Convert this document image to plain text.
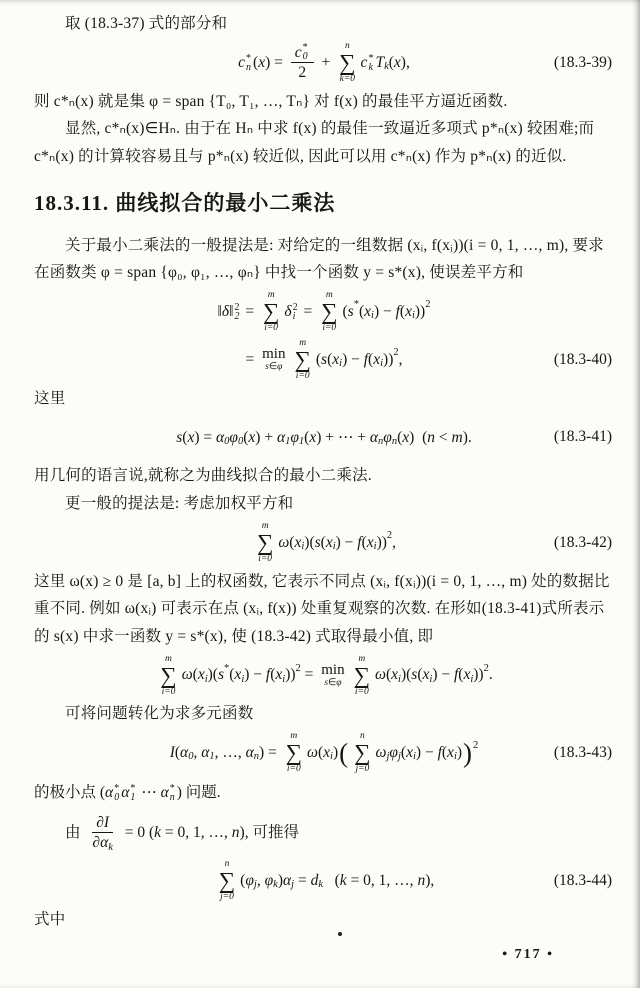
取 (18.3-37) 式的部分和

c *
n ( x ) = c *
0
2 +
n
∑
k=0
c *
k T k ( x ),	(18.3-39)

则 c*ₙ(x) 就是集 φ = span {T₀, T₁, …, Tₙ} 对 f(x) 的最佳平方逼近函数.

显然, c*ₙ(x)∈Hₙ. 由于在 Hₙ 中求 f(x) 的最佳一致逼近多项式 p*ₙ(x) 较困难;而 c*ₙ(x) 的计算较容易且与 p*ₙ(x) 较近似, 因此可以用 c*ₙ(x) 作为 p*ₙ(x) 的近似.

18.3.11. 曲线拟合的最小二乘法

关于最小二乘法的一般提法是: 对给定的一组数据 (xᵢ, f(xᵢ))(i = 0, 1, …, m), 要求在函数类 φ = span {φ₀, φ₁, …, φₙ} 中找一个函数 y = s*(x), 使误差平方和

‖ δ ‖ 2
2 =
m
∑
i=0
δ 2
i =
m
∑
i=0
( s * ( x i ) − f ( x i )) 2
= min
s∈φ
m
∑
i=0
( s ( x i ) − f ( x i )) 2 ,	(18.3-40)

这里

s ( x ) = α 0 φ 0 ( x ) + α 1 φ 1 ( x ) + ⋯ + α n φ n ( x )  ( n < m ).	(18.3-41)

用几何的语言说,就称之为曲线拟合的最小二乘法.

更一般的提法是: 考虑加权平方和

m
∑
i=0
ω ( x i )( s ( x i ) − f ( x i )) 2 ,	(18.3-42)

这里 ω(x) ≥ 0 是 [a, b] 上的权函数, 它表示不同点 (xᵢ, f(xᵢ))(i = 0, 1, …, m) 处的数据比重不同. 例如 ω(xᵢ) 可表示在点 (xᵢ, f(x)) 处重复观察的次数. 在形如(18.3-41)式所表示的 s(x) 中求一函数 y = s*(x), 使 (18.3-42) 式取得最小值, 即

m
∑
i=0
ω ( x i )( s * ( x i ) − f ( x i )) 2 = min
s∈φ
m
∑
i=0
ω ( x i )( s ( x i ) − f ( x i )) 2 .

可将问题转化为求多元函数

I ( α 0 , α 1 , …, α n ) =
m
∑
i=0
ω ( x i ) (
n
∑
j=0
ω j φ j ( x i ) − f ( x i ) ) 2	(18.3-43)
的极小点 ( α *
0 α *
1 ⋯ α *
n ) 问题.
由 $\frac{\partial I}{\text{∂ α k}} = 0$ ( k = 0, 1, …, n ), 可推得
n
∑
j=0
( φ j , φ k ) α j = d k ( k = 0, 1, …, n ),	(18.3-44)

式中

• 717 •
